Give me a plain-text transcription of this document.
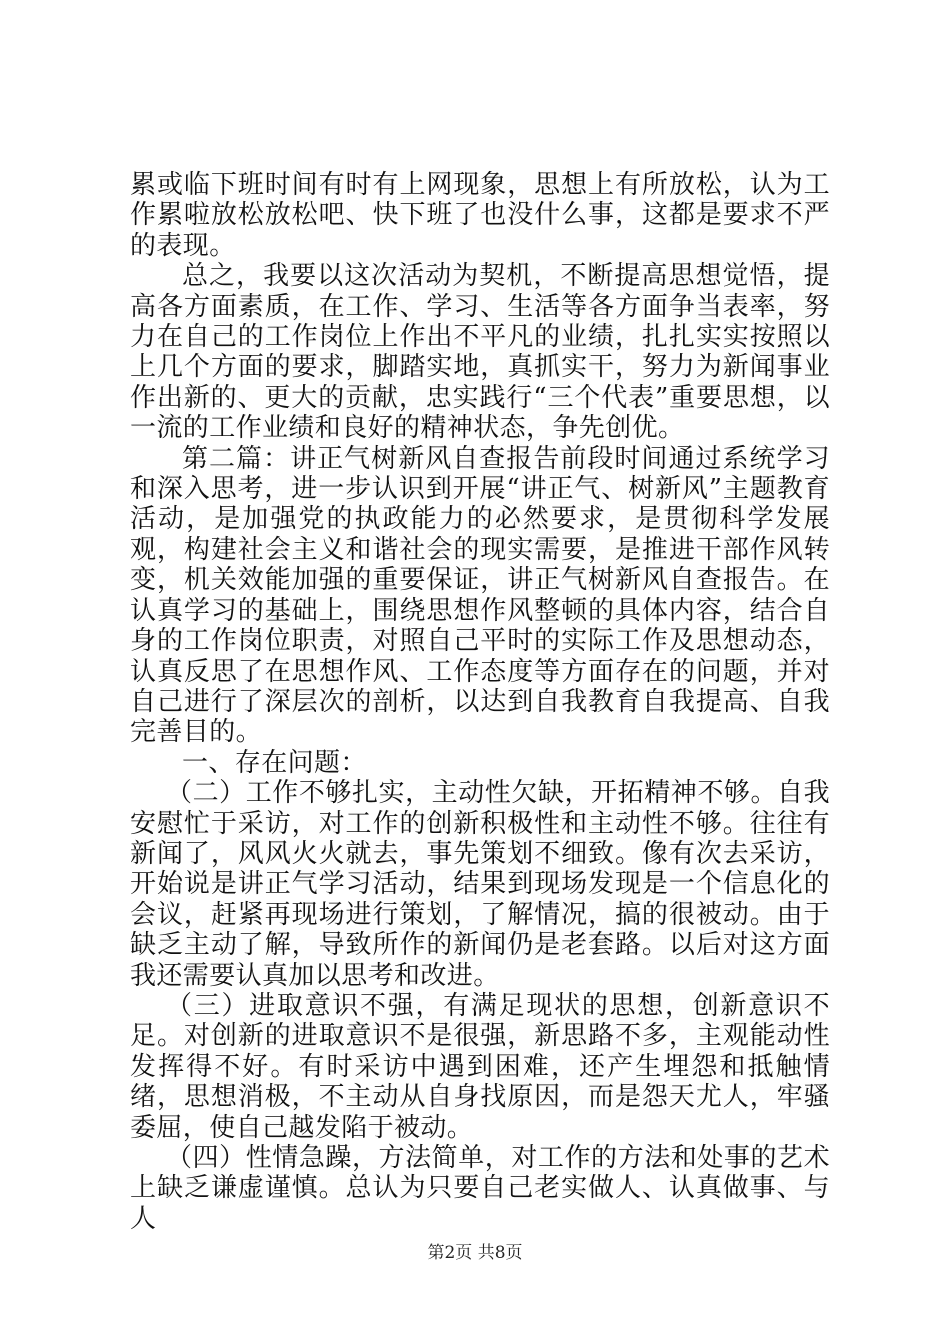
累或临下班时间有时有上网现象，思想上有所放松，认为工作累啦放松放松吧、快下班了也没什么事，这都是要求不严的表现。

总之，我要以这次活动为契机，不断提高思想觉悟，提高各方面素质，在工作、学习、生活等各方面争当表率，努力在自己的工作岗位上作出不平凡的业绩，扎扎实实按照以上几个方面的要求，脚踏实地，真抓实干，努力为新闻事业作出新的、更大的贡献，忠实践行“三个代表”重要思想，以一流的工作业绩和良好的精神状态，争先创优。

第二篇：讲正气树新风自查报告前段时间通过系统学习和深入思考，进一步认识到开展“讲正气、树新风”主题教育活动，是加强党的执政能力的必然要求，是贯彻科学发展观，构建社会主义和谐社会的现实需要，是推进干部作风转变，机关效能加强的重要保证，讲正气树新风自查报告。在认真学习的基础上，围绕思想作风整顿的具体内容，结合自身的工作岗位职责，对照自己平时的实际工作及思想动态，认真反思了在思想作风、工作态度等方面存在的问题，并对自己进行了深层次的剖析，以达到自我教育自我提高、自我完善目的。

一、存在问题：

（二）工作不够扎实，主动性欠缺，开拓精神不够。自我安慰忙于采访，对工作的创新积极性和主动性不够。往往有新闻了，风风火火就去，事先策划不细致。像有次去采访，开始说是讲正气学习活动，结果到现场发现是一个信息化的会议，赶紧再现场进行策划，了解情况，搞的很被动。由于缺乏主动了解，导致所作的新闻仍是老套路。以后对这方面我还需要认真加以思考和改进。

（三）进取意识不强，有满足现状的思想，创新意识不足。对创新的进取意识不是很强，新思路不多，主观能动性发挥得不好。有时采访中遇到困难，还产生埋怨和抵触情绪，思想消极，不主动从自身找原因，而是怨天尤人，牢骚委屈，使自己越发陷于被动。

（四）性情急躁，方法简单，对工作的方法和处事的艺术上缺乏谦虚谨慎。总认为只要自己老实做人、认真做事、与人

第2页 共8页
